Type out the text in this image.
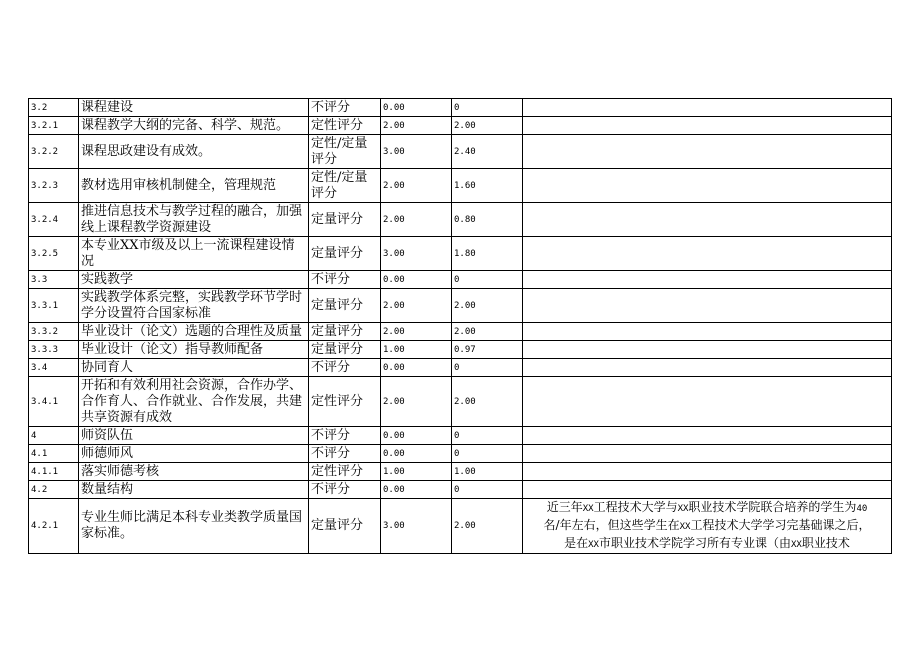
3.2	课程建设	不评分	0.00	0	
3.2.1	课程教学大纲的完备、科学、规范。	定性评分	2.00	2.00	
3.2.2	课程思政建设有成效。	定性/定量评分	3.00	2.40	
3.2.3	教材选用审核机制健全，管理规范	定性/定量评分	2.00	1.60	
3.2.4	推进信息技术与教学过程的融合，加强线上课程教学资源建设	定量评分	2.00	0.80	
3.2.5	本专业XX市级及以上一流课程建设情况	定量评分	3.00	1.80	
3.3	实践教学	不评分	0.00	0	
3.3.1	实践教学体系完整，实践教学环节学时学分设置符合国家标准	定量评分	2.00	2.00	
3.3.2	毕业设计（论文）选题的合理性及质量	定量评分	2.00	2.00	
3.3.3	毕业设计（论文）指导教师配备	定量评分	1.00	0.97	
3.4	协同育人	不评分	0.00	0	
3.4.1	开拓和有效利用社会资源，合作办学、合作育人、合作就业、合作发展，共建共享资源有成效	定性评分	2.00	2.00	
4	师资队伍	不评分	0.00	0	
4.1	师德师风	不评分	0.00	0	
4.1.1	落实师德考核	定性评分	1.00	1.00	
4.2	数量结构	不评分	0.00	0	
4.2.1	专业生师比满足本科专业类教学质量国家标准。	定量评分	3.00	2.00	近三年XX工程技术大学与XX职业技术学院联合培养的学生为40
名/年左右，但这些学生在XX工程技术大学学习完基础课之后，
是在XX市职业技术学院学习所有专业课（由XX职业技术
